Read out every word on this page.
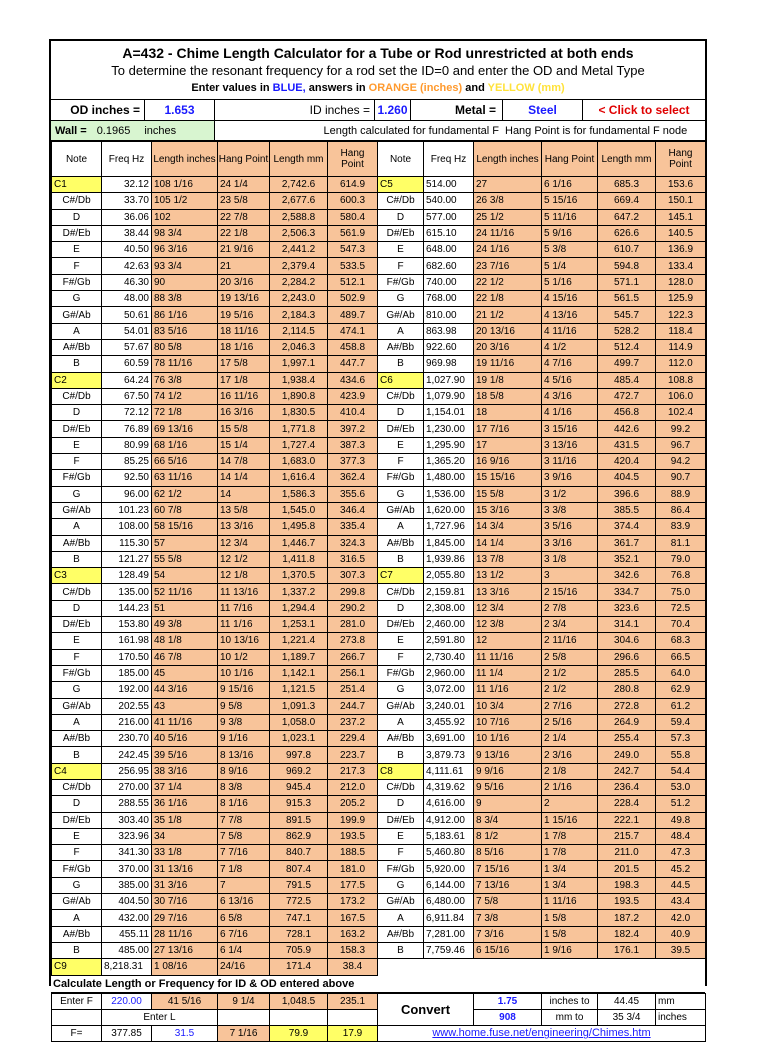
A=432 - Chime Length Calculator for a Tube or Rod unrestricted at both ends
To determine the resonant frequency for a rod set the ID=0 and enter the OD and Metal Type
Enter values in BLUE, answers in ORANGE (inches) and YELLOW (mm)
OD inches =	1.653	ID inches = 1.260	Metal =	Steel	< Click to select
Wall = 0.1965 inches	Length calculated for fundamental F Hang Point is for fundamental F node
Note	Freq Hz	Length inches	Hang Point	Length mm	Hang Point	Note	Freq Hz	Length inches	Hang Point	Length mm	Hang Point
C1	32.12	108 1/16	24 1/4	2,742.6	614.9	C5	514.00	27	6 1/16	685.3	153.6
C#/Db	33.70	105 1/2	23 5/8	2,677.6	600.3	C#/Db	540.00	26 3/8	5 15/16	669.4	150.1
D	36.06	102	22 7/8	2,588.8	580.4	D	577.00	25 1/2	5 11/16	647.2	145.1
D#/Eb	38.44	98 3/4	22 1/8	2,506.3	561.9	D#/Eb	615.10	24 11/16	5 9/16	626.6	140.5
E	40.50	96 3/16	21 9/16	2,441.2	547.3	E	648.00	24 1/16	5 3/8	610.7	136.9
F	42.63	93 3/4	21	2,379.4	533.5	F	682.60	23 7/16	5 1/4	594.8	133.4
F#/Gb	46.30	90	20 3/16	2,284.2	512.1	F#/Gb	740.00	22 1/2	5 1/16	571.1	128.0
G	48.00	88 3/8	19 13/16	2,243.0	502.9	G	768.00	22 1/8	4 15/16	561.5	125.9
G#/Ab	50.61	86 1/16	19 5/16	2,184.3	489.7	G#/Ab	810.00	21 1/2	4 13/16	545.7	122.3
A	54.01	83 5/16	18 11/16	2,114.5	474.1	A	863.98	20 13/16	4 11/16	528.2	118.4
A#/Bb	57.67	80 5/8	18 1/16	2,046.3	458.8	A#/Bb	922.60	20 3/16	4 1/2	512.4	114.9
B	60.59	78 11/16	17 5/8	1,997.1	447.7	B	969.98	19 11/16	4 7/16	499.7	112.0
C2	64.24	76 3/8	17 1/8	1,938.4	434.6	C6	1,027.90	19 1/8	4 5/16	485.4	108.8
C#/Db	67.50	74 1/2	16 11/16	1,890.8	423.9	C#/Db	1,079.90	18 5/8	4 3/16	472.7	106.0
D	72.12	72 1/8	16 3/16	1,830.5	410.4	D	1,154.01	18	4 1/16	456.8	102.4
D#/Eb	76.89	69 13/16	15 5/8	1,771.8	397.2	D#/Eb	1,230.00	17 7/16	3 15/16	442.6	99.2
E	80.99	68 1/16	15 1/4	1,727.4	387.3	E	1,295.90	17	3 13/16	431.5	96.7
F	85.25	66 5/16	14 7/8	1,683.0	377.3	F	1,365.20	16 9/16	3 11/16	420.4	94.2
F#/Gb	92.50	63 11/16	14 1/4	1,616.4	362.4	F#/Gb	1,480.00	15 15/16	3 9/16	404.5	90.7
G	96.00	62 1/2	14	1,586.3	355.6	G	1,536.00	15 5/8	3 1/2	396.6	88.9
G#/Ab	101.23	60 7/8	13 5/8	1,545.0	346.4	G#/Ab	1,620.00	15 3/16	3 3/8	385.5	86.4
A	108.00	58 15/16	13 3/16	1,495.8	335.4	A	1,727.96	14 3/4	3 5/16	374.4	83.9
A#/Bb	115.30	57	12 3/4	1,446.7	324.3	A#/Bb	1,845.00	14 1/4	3 3/16	361.7	81.1
B	121.27	55 5/8	12 1/2	1,411.8	316.5	B	1,939.86	13 7/8	3 1/8	352.1	79.0
C3	128.49	54	12 1/8	1,370.5	307.3	C7	2,055.80	13 1/2	3	342.6	76.8
C#/Db	135.00	52 11/16	11 13/16	1,337.2	299.8	C#/Db	2,159.81	13 3/16	2 15/16	334.7	75.0
D	144.23	51	11 7/16	1,294.4	290.2	D	2,308.00	12 3/4	2 7/8	323.6	72.5
D#/Eb	153.80	49 3/8	11 1/16	1,253.1	281.0	D#/Eb	2,460.00	12 3/8	2 3/4	314.1	70.4
E	161.98	48 1/8	10 13/16	1,221.4	273.8	E	2,591.80	12	2 11/16	304.6	68.3
F	170.50	46 7/8	10 1/2	1,189.7	266.7	F	2,730.40	11 11/16	2 5/8	296.6	66.5
F#/Gb	185.00	45	10 1/16	1,142.1	256.1	F#/Gb	2,960.00	11 1/4	2 1/2	285.5	64.0
G	192.00	44 3/16	9 15/16	1,121.5	251.4	G	3,072.00	11 1/16	2 1/2	280.8	62.9
G#/Ab	202.55	43	9 5/8	1,091.3	244.7	G#/Ab	3,240.01	10 3/4	2 7/16	272.8	61.2
A	216.00	41 11/16	9 3/8	1,058.0	237.2	A	3,455.92	10 7/16	2 5/16	264.9	59.4
A#/Bb	230.70	40 5/16	9 1/16	1,023.1	229.4	A#/Bb	3,691.00	10 1/16	2 1/4	255.4	57.3
B	242.45	39 5/16	8 13/16	997.8	223.7	B	3,879.73	9 13/16	2 3/16	249.0	55.8
C4	256.95	38 3/16	8 9/16	969.2	217.3	C8	4,111.61	9 9/16	2 1/8	242.7	54.4
C#/Db	270.00	37 1/4	8 3/8	945.4	212.0	C#/Db	4,319.62	9 5/16	2 1/16	236.4	53.0
D	288.55	36 1/16	8 1/16	915.3	205.2	D	4,616.00	9	2	228.4	51.2
D#/Eb	303.40	35 1/8	7 7/8	891.5	199.9	D#/Eb	4,912.00	8 3/4	1 15/16	222.1	49.8
E	323.96	34	7 5/8	862.9	193.5	E	5,183.61	8 1/2	1 7/8	215.7	48.4
F	341.30	33 1/8	7 7/16	840.7	188.5	F	5,460.80	8 5/16	1 7/8	211.0	47.3
F#/Gb	370.00	31 13/16	7 1/8	807.4	181.0	F#/Gb	5,920.00	7 15/16	1 3/4	201.5	45.2
G	385.00	31 3/16	7	791.5	177.5	G	6,144.00	7 13/16	1 3/4	198.3	44.5
G#/Ab	404.50	30 7/16	6 13/16	772.5	173.2	G#/Ab	6,480.00	7 5/8	1 11/16	193.5	43.4
A	432.00	29 7/16	6 5/8	747.1	167.5	A	6,911.84	7 3/8	1 5/8	187.2	42.0
A#/Bb	455.11	28 11/16	6 7/16	728.1	163.2	A#/Bb	7,281.00	7 3/16	1 5/8	182.4	40.9
B	485.00	27 13/16	6 1/4	705.9	158.3	B	7,759.46	6 15/16	1 9/16	176.1	39.5
C9	8,218.31	1 08/16	24/16	171.4	38.4						
Calculate Length or Frequency for ID & OD entered above
Enter F	220.00	41 5/16	9 1/4	1,048.5	235.1	Convert	1.75	inches to	44.45	mm
	Enter L						908	mm to	35 3/4	inches
F=	377.85	31.5	7 1/16	79.9	17.9	www.home.fuse.net/engineering/Chimes.htm				
